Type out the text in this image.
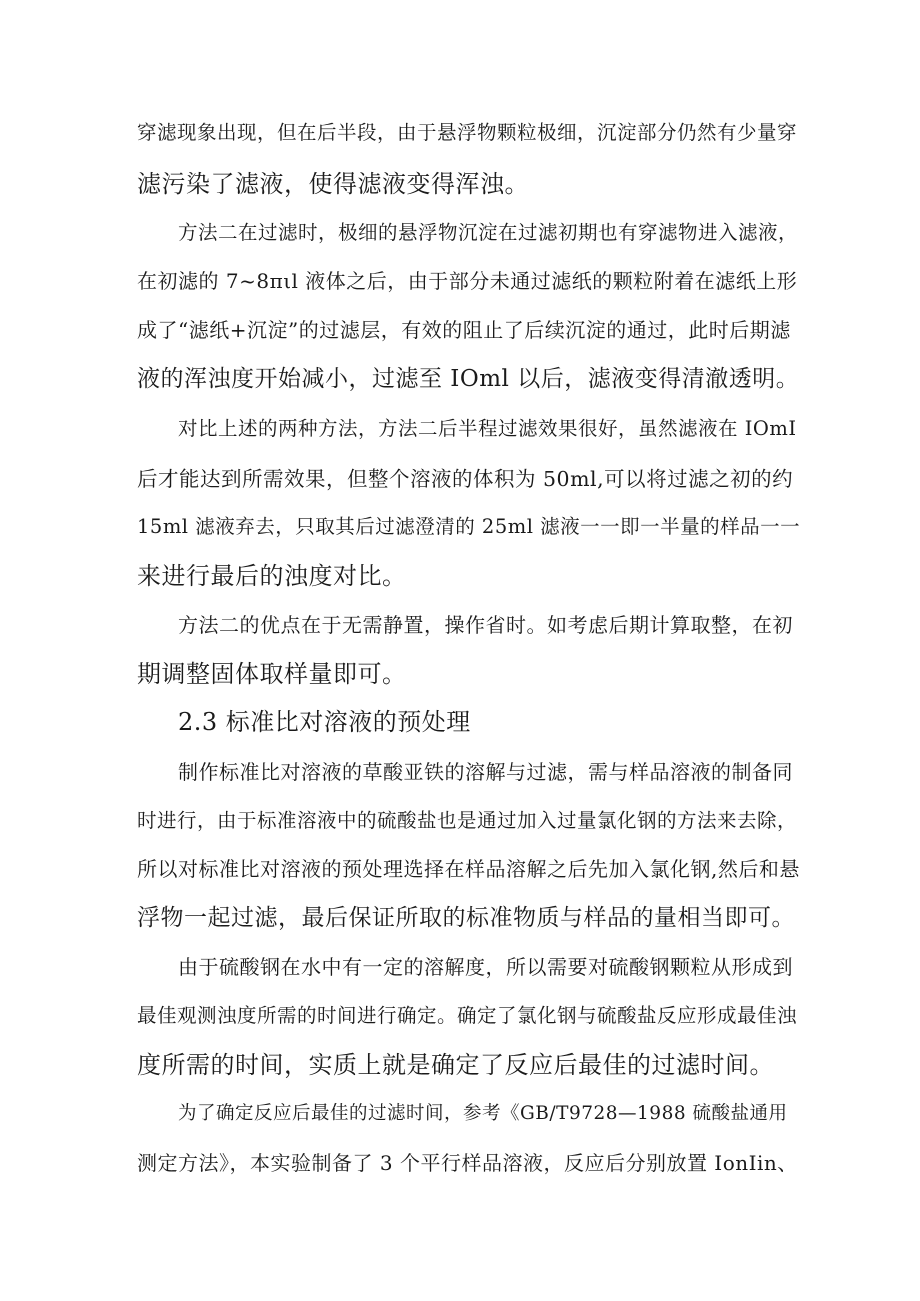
穿滤现象出现，但在后半段，由于悬浮物颗粒极细，沉淀部分仍然有少量穿
滤污染了滤液，使得滤液变得浑浊。
方法二在过滤时，极细的悬浮物沉淀在过滤初期也有穿滤物进入滤液，
在初滤的 7~8πιl 液体之后，由于部分未通过滤纸的颗粒附着在滤纸上形
成了“滤纸+沉淀”的过滤层，有效的阻止了后续沉淀的通过，此时后期滤
液的浑浊度开始减小，过滤至 IOml 以后，滤液变得清澈透明。
对比上述的两种方法，方法二后半程过滤效果很好，虽然滤液在 IOmI
后才能达到所需效果，但整个溶液的体积为 50ml,可以将过滤之初的约
15ml 滤液弃去，只取其后过滤澄清的 25ml 滤液一一即一半量的样品一一
来进行最后的浊度对比。
方法二的优点在于无需静置，操作省时。如考虑后期计算取整，在初
期调整固体取样量即可。
2.3 标准比对溶液的预处理
制作标准比对溶液的草酸亚铁的溶解与过滤，需与样品溶液的制备同
时进行，由于标准溶液中的硫酸盐也是通过加入过量氯化钢的方法来去除，
所以对标准比对溶液的预处理选择在样品溶解之后先加入氯化钢,然后和悬
浮物一起过滤，最后保证所取的标准物质与样品的量相当即可。
由于硫酸钢在水中有一定的溶解度，所以需要对硫酸钢颗粒从形成到
最佳观测浊度所需的时间进行确定。确定了氯化钢与硫酸盐反应形成最佳浊
度所需的时间，实质上就是确定了反应后最佳的过滤时间。
为了确定反应后最佳的过滤时间，参考《GB/T9728—1988 硫酸盐通用
测定方法》，本实验制备了 3 个平行样品溶液，反应后分别放置 IonIin、
